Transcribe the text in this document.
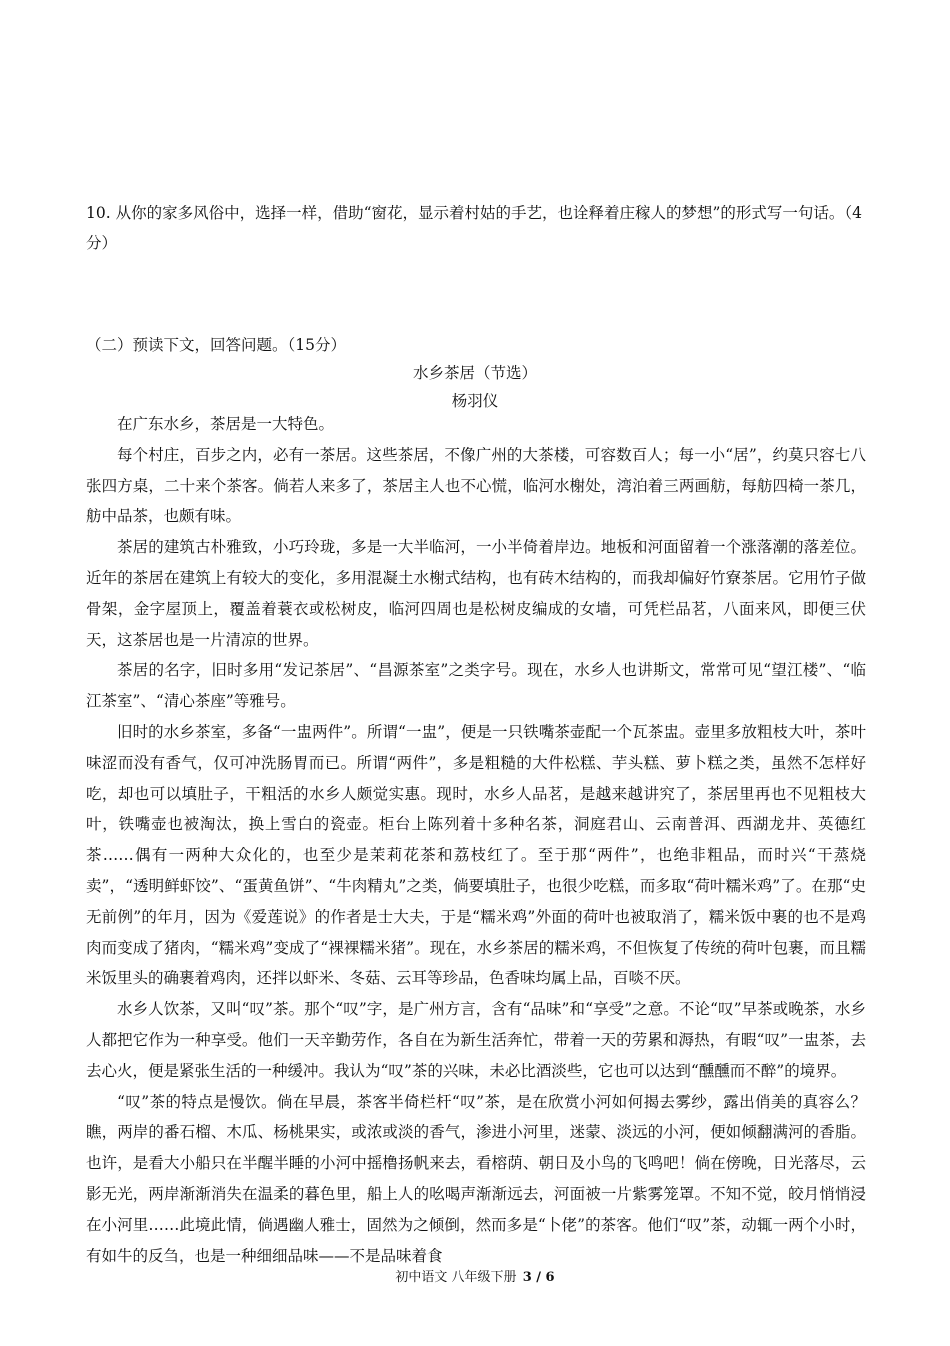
10. 从你的家多风俗中，选择一样，借助“窗花，显示着村姑的手艺，也诠释着庄稼人的梦想”的形式写一句话。（4分）

（二）预读下文，回答问题。（15分）

水乡茶居（节选）

杨羽仪

在广东水乡，茶居是一大特色。

每个村庄，百步之内，必有一茶居。这些茶居，不像广州的大茶楼，可容数百人；每一小“居”，约莫只容七八张四方桌，二十来个茶客。倘若人来多了，茶居主人也不心慌，临河水榭处，湾泊着三两画舫，每舫四椅一茶几，舫中品茶，也颇有味。

茶居的建筑古朴雅致，小巧玲珑，多是一大半临河，一小半倚着岸边。地板和河面留着一个涨落潮的落差位。近年的茶居在建筑上有较大的变化，多用混凝土水榭式结构，也有砖木结构的，而我却偏好竹寮茶居。它用竹子做骨架，金字屋顶上，覆盖着蓑衣或松树皮，临河四周也是松树皮编成的女墙，可凭栏品茗，八面来风，即便三伏天，这茶居也是一片清凉的世界。

茶居的名字，旧时多用“发记茶居”、“昌源茶室”之类字号。现在，水乡人也讲斯文，常常可见“望江楼”、“临江茶室”、“清心茶座”等雅号。

旧时的水乡茶室，多备“一盅两件”。所谓“一盅”，便是一只铁嘴茶壶配一个瓦茶盅。壶里多放粗枝大叶，茶叶味涩而没有香气，仅可冲洗肠胃而已。所谓“两件”，多是粗糙的大件松糕、芋头糕、萝卜糕之类，虽然不怎样好吃，却也可以填肚子，干粗活的水乡人颇觉实惠。现时，水乡人品茗，是越来越讲究了，茶居里再也不见粗枝大叶，铁嘴壶也被淘汰，换上雪白的瓷壶。柜台上陈列着十多种名茶，洞庭君山、云南普洱、西湖龙井、英德红茶……偶有一两种大众化的，也至少是茉莉花茶和荔枝红了。至于那“两件”，也绝非粗品，而时兴“干蒸烧卖”，“透明鲜虾饺”、“蛋黄鱼饼”、“牛肉精丸”之类，倘要填肚子，也很少吃糕，而多取“荷叶糯米鸡”了。在那“史无前例”的年月，因为《爱莲说》的作者是士大夫，于是“糯米鸡”外面的荷叶也被取消了，糯米饭中裹的也不是鸡肉而变成了猪肉，“糯米鸡”变成了“裸裸糯米猪”。现在，水乡茶居的糯米鸡，不但恢复了传统的荷叶包裹，而且糯米饭里头的确裹着鸡肉，还拌以虾米、冬菇、云耳等珍品，色香味均属上品，百啖不厌。

水乡人饮茶，又叫“叹”茶。那个“叹”字，是广州方言，含有“品味”和“享受”之意。不论“叹”早茶或晚茶，水乡人都把它作为一种享受。他们一天辛勤劳作，各自在为新生活奔忙，带着一天的劳累和溽热，有暇“叹”一盅茶，去去心火，便是紧张生活的一种缓冲。我认为“叹”茶的兴味，未必比酒淡些，它也可以达到“醺醺而不醉”的境界。

“叹”茶的特点是慢饮。倘在早晨，茶客半倚栏杆“叹”茶，是在欣赏小河如何揭去雾纱，露出俏美的真容么？瞧，两岸的番石榴、木瓜、杨桃果实，或浓或淡的香气，渗进小河里，迷蒙、淡远的小河，便如倾翻满河的香脂。也许，是看大小船只在半醒半睡的小河中摇橹扬帆来去，看榕荫、朝日及小鸟的飞鸣吧！倘在傍晚，日光落尽，云影无光，两岸渐渐消失在温柔的暮色里，船上人的吆喝声渐渐远去，河面被一片紫雾笼罩。不知不觉，皎月悄悄浸在小河里……此境此情，倘遇幽人雅士，固然为之倾倒，然而多是“卜佬”的茶客。他们“叹”茶，动辄一两个小时，有如牛的反刍，也是一种细细品味——不是品味着食

初中语文 八年级下册 3 / 6
